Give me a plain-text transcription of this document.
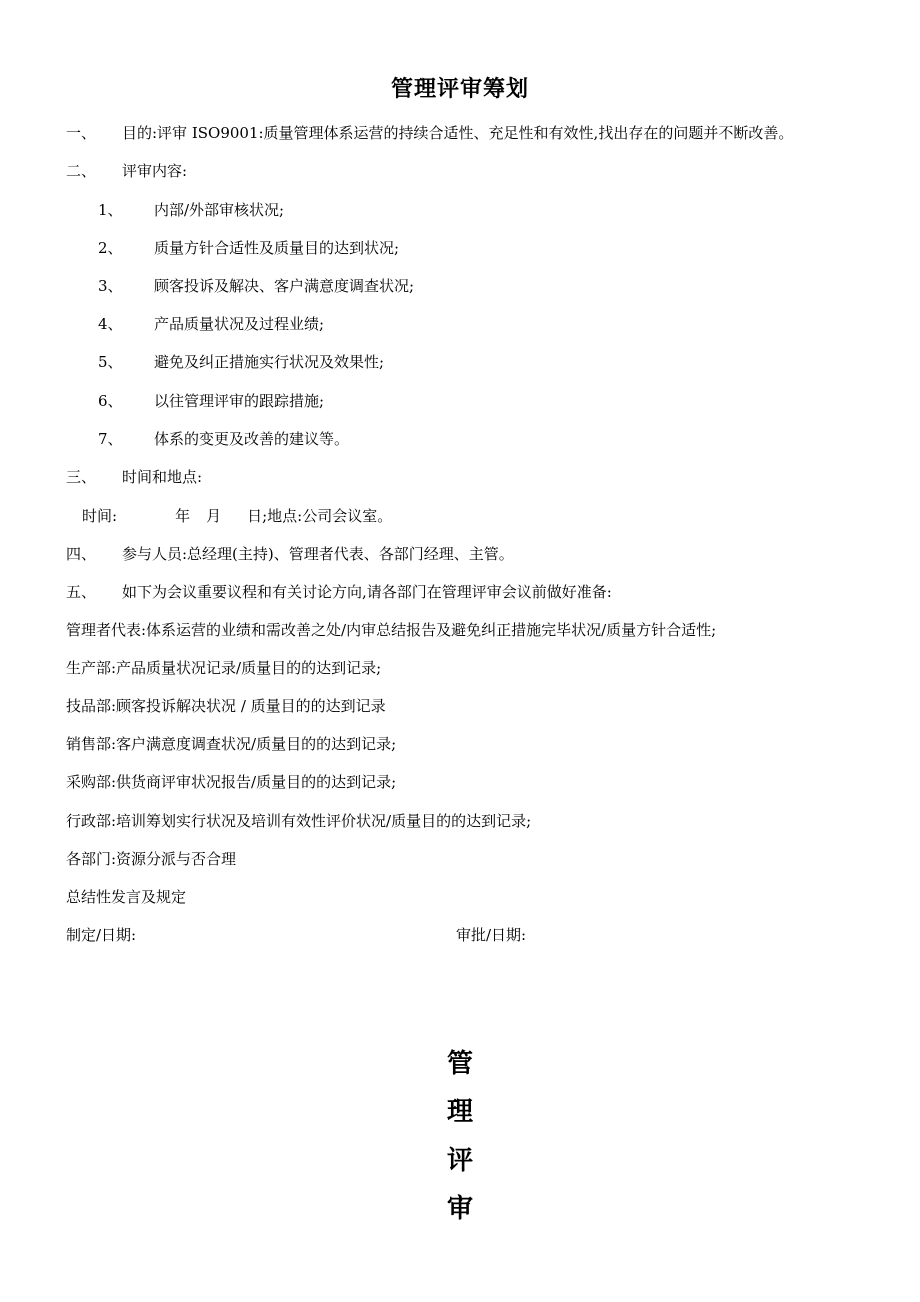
管理评审筹划
一、 目的:评审 ISO9001:质量管理体系运营的持续合适性、充足性和有效性,找出存在的问题并不断改善。
二、 评审内容:
1、 内部/外部审核状况;
2、 质量方针合适性及质量目的达到状况;
3、 顾客投诉及解决、客户满意度调查状况;
4、 产品质量状况及过程业绩;
5、 避免及纠正措施实行状况及效果性;
6、 以往管理评审的跟踪措施;
7、 体系的变更及改善的建议等。
三、 时间和地点:
时间:	年 月 日;地点:公司会议室。
四、 参与人员:总经理(主持)、管理者代表、各部门经理、主管。
五、 如下为会议重要议程和有关讨论方向,请各部门在管理评审会议前做好准备:
管理者代表:体系运营的业绩和需改善之处/内审总结报告及避免纠正措施完毕状况/质量方针合适性;
生产部:产品质量状况记录/质量目的的达到记录;
技品部:顾客投诉解决状况 / 质量目的的达到记录
销售部:客户满意度调查状况/质量目的的达到记录;
采购部:供货商评审状况报告/质量目的的达到记录;
行政部:培训筹划实行状况及培训有效性评价状况/质量目的的达到记录;
各部门:资源分派与否合理
总结性发言及规定
制定/日期:	审批/日期:
管
理
评
审
